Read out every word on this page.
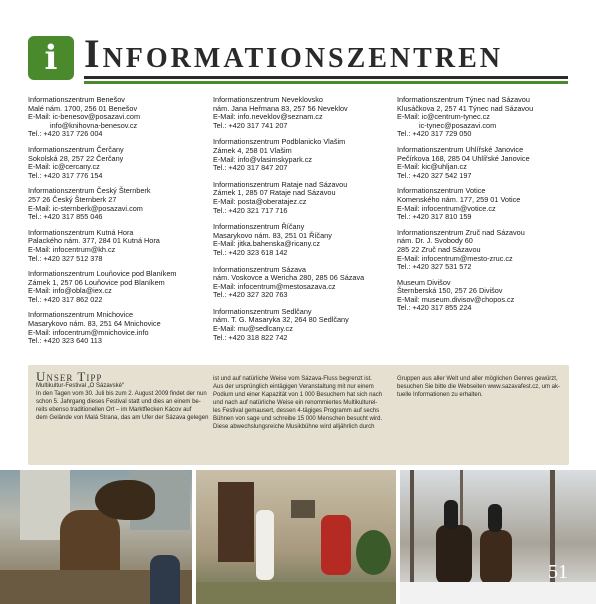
i Informationszentren
Informationszentrum Benešov
Malé nám. 1700, 256 01 Benešov
E-Mail: ic-benesov@posazavi.com
info@knihovna-benesov.cz
Tel.: +420 317 726 004
Informationszentrum Čerčany
Sokolská 28, 257 22 Čerčany
E-Mail: ic@cercany.cz
Tel.: +420 317 776 154
Informationszentrum Český Šternberk
257 26 Český Šternberk 27
E-Mail: ic-sternberk@posazavi.com
Tel.: +420 317 855 046
Informationszentrum Kutná Hora
Palackého nám. 377, 284 01 Kutná Hora
E-Mail: infocentrum@kh.cz
Tel.: +420 327 512 378
Informationszentrum Louňovice pod Blaníkem
Zámek 1, 257 06 Louňovice pod Blaníkem
E-Mail: info@obla@iex.cz
Tel.: +420 317 862 022
Informationszentrum Mnichovice
Masarykovo nám. 83, 251 64 Mnichovice
E-Mail: infocentrum@mnichovice.info
Tel.: +420 323 640 113
Informationszentrum Neveklovsko
nám. Jana Heřmana 83, 257 56 Neveklov
E-Mail: info.neveklov@seznam.cz
Tel.: +420 317 741 207
Informationszentrum Podblanicko Vlašim
Zámek 4, 258 01 Vlašim
E-Mail: info@vlasimskypark.cz
Tel.: +420 317 847 207
Informationszentrum Rataje nad Sázavou
Zámek 1, 285 07 Rataje nad Sázavou
E-Mail: posta@oberatajez.cz
Tel.: +420 321 717 716
Informationszentrum Říčany
Masarykovo nám. 83, 251 01 Říčany
E-Mail: jitka.bahenska@ricany.cz
Tel.: +420 323 618 142
Informationszentrum Sázava
nám. Voskovce a Wericha 280, 285 06 Sázava
E-Mail: infocentrum@mestosazava.cz
Tel.: +420 327 320 763
Informationszentrum Sedlčany
nám. T. G. Masaryka 32, 264 80 Sedlčany
E-Mail: mu@sedlcany.cz
Tel.: +420 318 822 742
Informationszentrum Týnec nad Sázavou
Klusáčkova 2, 257 41 Týnec nad Sázavou
E-Mail: ic@centrum-tynec.cz
ic-tynec@posazavi.com
Tel.: +420 317 729 050
Informationszentrum Uhlířské Janovice
Pečírkova 168, 285 04 Uhlířské Janovice
E-Mail: kic@uhljan.cz
Tel.: +420 327 542 197
Informationszentrum Votice
Komenského nám. 177, 259 01 Votice
E-Mail: infocentrum@votice.cz
Tel.: +420 317 810 159
Informationszentrum Zruč nad Sázavou
nám. Dr. J. Svobody 60
285 22 Zruč nad Sázavou
E-Mail: infocentrum@mesto-zruc.cz
Tel.: +420 327 531 572
Museum Divišov
Šternberská 150, 257 26 Divišov
E-Mail: museum.divisov@chopos.cz
Tel.: +420 317 855 224
Unser Tipp
Multikultur-Festival „O Sázavské“
In den Tagen vom 30. Juli bis zum 2. August 2009 findet der nun
schon 5. Jahrgang dieses Festival statt und dies an einem be-
reits ebenso traditionellen Ort – im Marktflecken Kácov auf
dem Gelände von Malá Strana, das am Ufer der Sázava gelegen
ist und auf natürliche Weise vom Sázava-Fluss begrenzt ist.
Aus der ursprünglich eintägigen Veranstaltung mit nur einem
Podium und einer Kapazität von 1 000 Besuchern hat sich nach
und nach auf natürliche Weise ein renommiertes Multikulturel-
les Festival gemausert, dessen 4-tägiges Programm auf sechs
Bühnen von sage und schreibe 15 000 Menschen besucht wird.
Diese abwechslungsreiche Musikbühne wird alljährlich durch
Gruppen aus aller Welt und aller möglichen Genres gewürzt,
besuchen Sie bitte die Webseiten www.sazavafest.cz, um ak-
tuelle Informationen zu erhalten.
51
